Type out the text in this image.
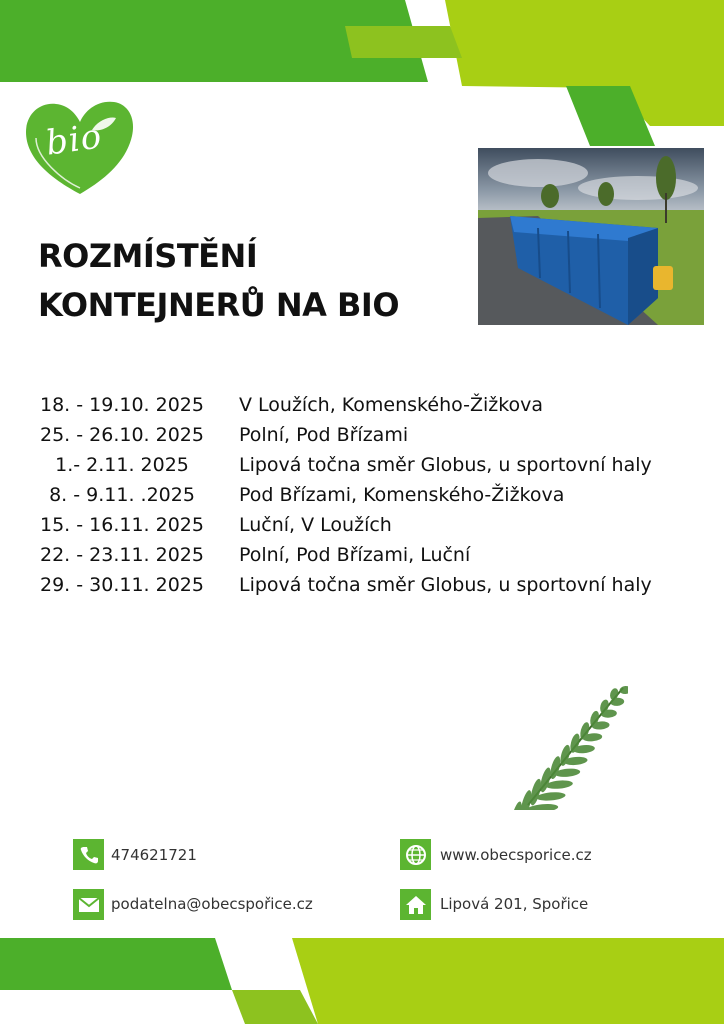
bio
ROZMÍSTĚNÍ
KONTEJNERŮ NA BIO
18. - 19.10. 2025	V Loužích, Komenského-Žižkova
25. - 26.10. 2025	Polní, Pod Břízami
1.- 2.11. 2025	Lipová točna směr Globus, u sportovní haly
8. - 9.11. .2025	Pod Břízami, Komenského-Žižkova
15. - 16.11. 2025	Luční, V Loužích
22. - 23.11. 2025	Polní, Pod Břízami, Luční
29. - 30.11. 2025	Lipová točna směr Globus, u sportovní haly
474621721	www.obecsporice.cz
podatelna@obecspořice.cz	Lipová 201, Spořice
